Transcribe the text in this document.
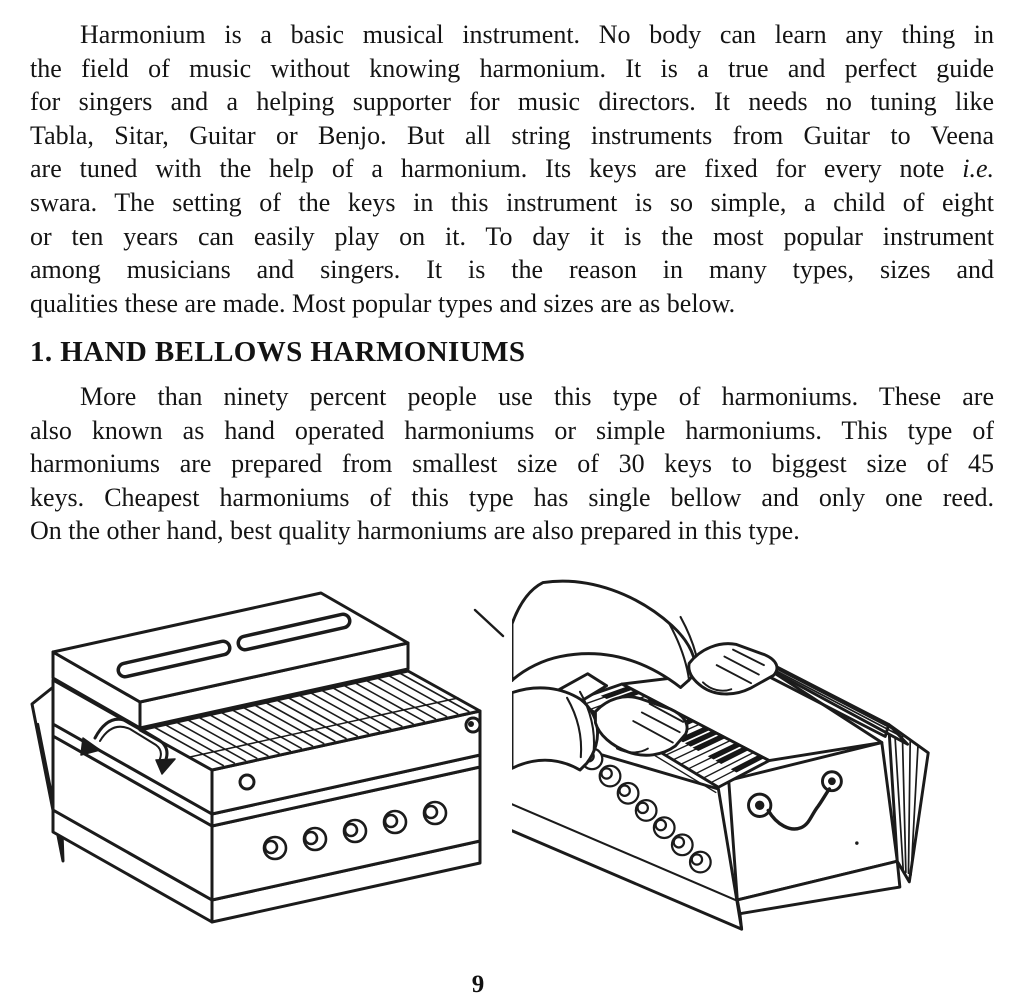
Harmonium is a basic musical instrument. No body can learn any thing in
the field of music without knowing harmonium. It is a true and perfect guide
for singers and a helping supporter for music directors. It needs no tuning like
Tabla, Sitar, Guitar or Benjo. But all string instruments from Guitar to Veena
are tuned with the help of a harmonium. Its keys are fixed for every note i.e.
swara. The setting of the keys in this instrument is so simple, a child of eight
or ten years can easily play on it. To day it is the most popular instrument
among musicians and singers. It is the reason in many types, sizes and
qualities these are made. Most popular types and sizes are as below.
1. HAND BELLOWS HARMONIUMS
More than ninety percent people use this type of harmoniums. These are
also known as hand operated harmoniums or simple harmoniums. This type of
harmoniums are prepared from smallest size of 30 keys to biggest size of 45
keys. Cheapest harmoniums of this type has single bellow and only one reed.
On the other hand, best quality harmoniums are also prepared in this type.
9
